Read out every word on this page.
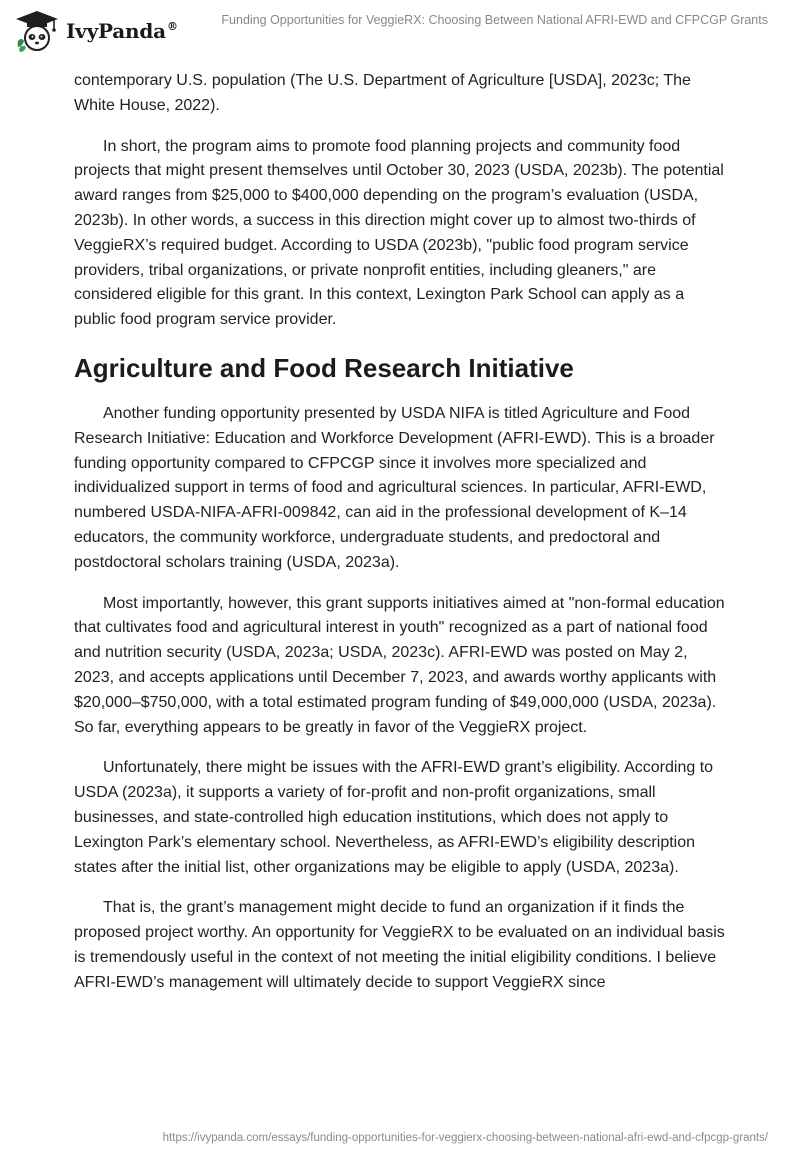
IvyPanda®	Funding Opportunities for VeggieRX: Choosing Between National AFRI-EWD and CFPCGP Grants

contemporary U.S. population (The U.S. Department of Agriculture [USDA], 2023c; The White House, 2022).

In short, the program aims to promote food planning projects and community food projects that might present themselves until October 30, 2023 (USDA, 2023b). The potential award ranges from $25,000 to $400,000 depending on the program’s evaluation (USDA, 2023b). In other words, a success in this direction might cover up to almost two-thirds of VeggieRX’s required budget. According to USDA (2023b), "public food program service providers, tribal organizations, or private nonprofit entities, including gleaners," are considered eligible for this grant. In this context, Lexington Park School can apply as a public food program service provider.

Agriculture and Food Research Initiative

Another funding opportunity presented by USDA NIFA is titled Agriculture and Food Research Initiative: Education and Workforce Development (AFRI-EWD). This is a broader funding opportunity compared to CFPCGP since it involves more specialized and individualized support in terms of food and agricultural sciences. In particular, AFRI-EWD, numbered USDA-NIFA-AFRI-009842, can aid in the professional development of K–14 educators, the community workforce, undergraduate students, and predoctoral and postdoctoral scholars training (USDA, 2023a).

Most importantly, however, this grant supports initiatives aimed at "non-formal education that cultivates food and agricultural interest in youth" recognized as a part of national food and nutrition security (USDA, 2023a; USDA, 2023c). AFRI-EWD was posted on May 2, 2023, and accepts applications until December 7, 2023, and awards worthy applicants with $20,000–$750,000, with a total estimated program funding of $49,000,000 (USDA, 2023a). So far, everything appears to be greatly in favor of the VeggieRX project.

Unfortunately, there might be issues with the AFRI-EWD grant’s eligibility. According to USDA (2023a), it supports a variety of for-profit and non-profit organizations, small businesses, and state-controlled high education institutions, which does not apply to Lexington Park’s elementary school. Nevertheless, as AFRI-EWD’s eligibility description states after the initial list, other organizations may be eligible to apply (USDA, 2023a).

That is, the grant’s management might decide to fund an organization if it finds the proposed project worthy. An opportunity for VeggieRX to be evaluated on an individual basis is tremendously useful in the context of not meeting the initial eligibility conditions. I believe AFRI-EWD’s management will ultimately decide to support VeggieRX since

https://ivypanda.com/essays/funding-opportunities-for-veggierx-choosing-between-national-afri-ewd-and-cfpcgp-grants/
